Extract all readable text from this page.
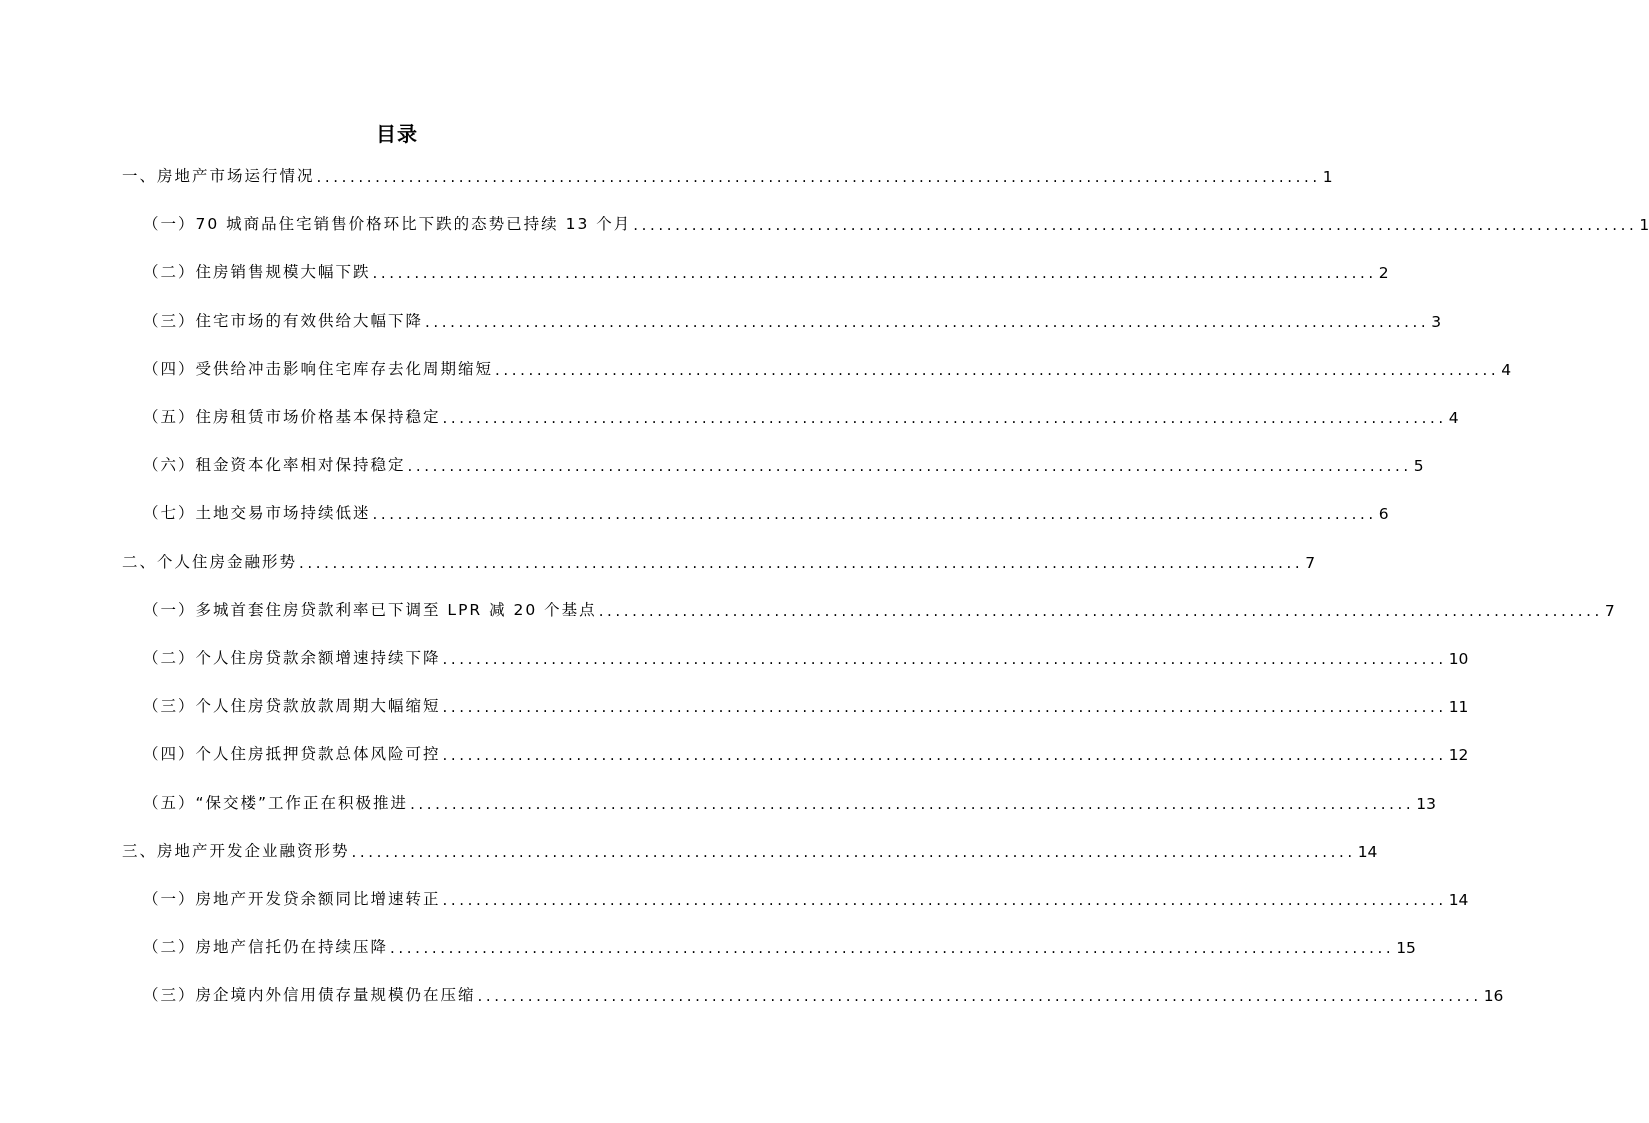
目录
一、房地产市场运行情况 ........................................................................................................................ 1
（一）70 城商品住宅销售价格环比下跌的态势已持续 13 个月 ........................................................................................................................ 1
（二）住房销售规模大幅下跌 ........................................................................................................................ 2
（三）住宅市场的有效供给大幅下降 ........................................................................................................................ 3
（四）受供给冲击影响住宅库存去化周期缩短 ........................................................................................................................ 4
（五）住房租赁市场价格基本保持稳定 ........................................................................................................................ 4
（六）租金资本化率相对保持稳定 ........................................................................................................................ 5
（七）土地交易市场持续低迷 ........................................................................................................................ 6
二、个人住房金融形势 ........................................................................................................................ 7
（一）多城首套住房贷款利率已下调至 LPR 减 20 个基点 ........................................................................................................................ 7
（二）个人住房贷款余额增速持续下降 ........................................................................................................................ 10
（三）个人住房贷款放款周期大幅缩短 ........................................................................................................................ 11
（四）个人住房抵押贷款总体风险可控 ........................................................................................................................ 12
（五）“保交楼”工作正在积极推进 ........................................................................................................................ 13
三、房地产开发企业融资形势 ........................................................................................................................ 14
（一）房地产开发贷余额同比增速转正 ........................................................................................................................ 14
（二）房地产信托仍在持续压降 ........................................................................................................................ 15
（三）房企境内外信用债存量规模仍在压缩 ........................................................................................................................ 16
